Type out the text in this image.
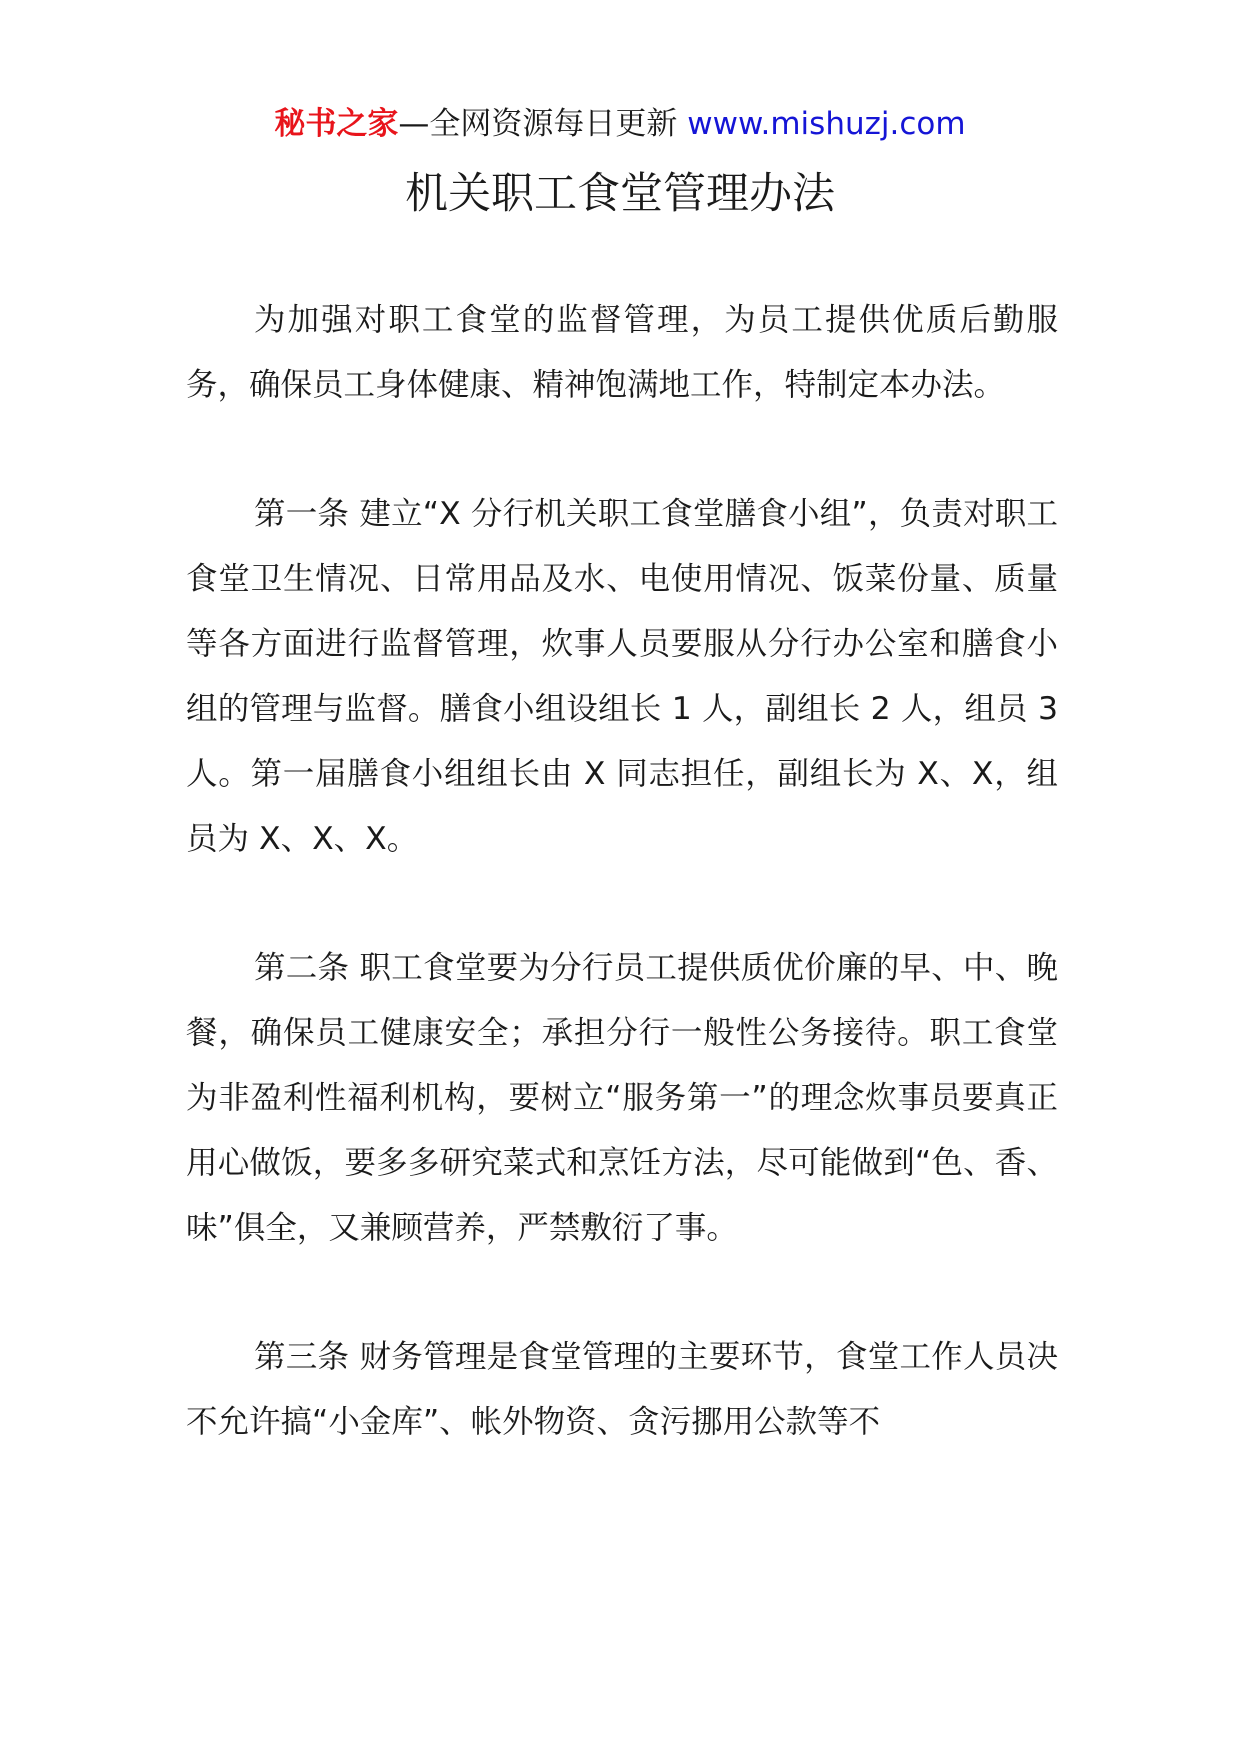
秘书之家—全网资源每日更新 www.mishuzj.com
机关职工食堂管理办法

为加强对职工食堂的监督管理，为员工提供优质后勤服务，确保员工身体健康、精神饱满地工作，特制定本办法。

第一条 建立“X 分行机关职工食堂膳食小组”，负责对职工食堂卫生情况、日常用品及水、电使用情况、饭菜份量、质量等各方面进行监督管理，炊事人员要服从分行办公室和膳食小组的管理与监督。膳食小组设组长 1 人，副组长 2 人，组员 3 人。第一届膳食小组组长由 X 同志担任，副组长为 X、X，组员为 X、X、X。

第二条 职工食堂要为分行员工提供质优价廉的早、中、晚餐，确保员工健康安全；承担分行一般性公务接待。职工食堂为非盈利性福利机构，要树立“服务第一”的理念炊事员要真正用心做饭，要多多研究菜式和烹饪方法，尽可能做到“色、香、味”俱全，又兼顾营养，严禁敷衍了事。

第三条 财务管理是食堂管理的主要环节，食堂工作人员决不允许搞“小金库”、帐外物资、贪污挪用公款等不
